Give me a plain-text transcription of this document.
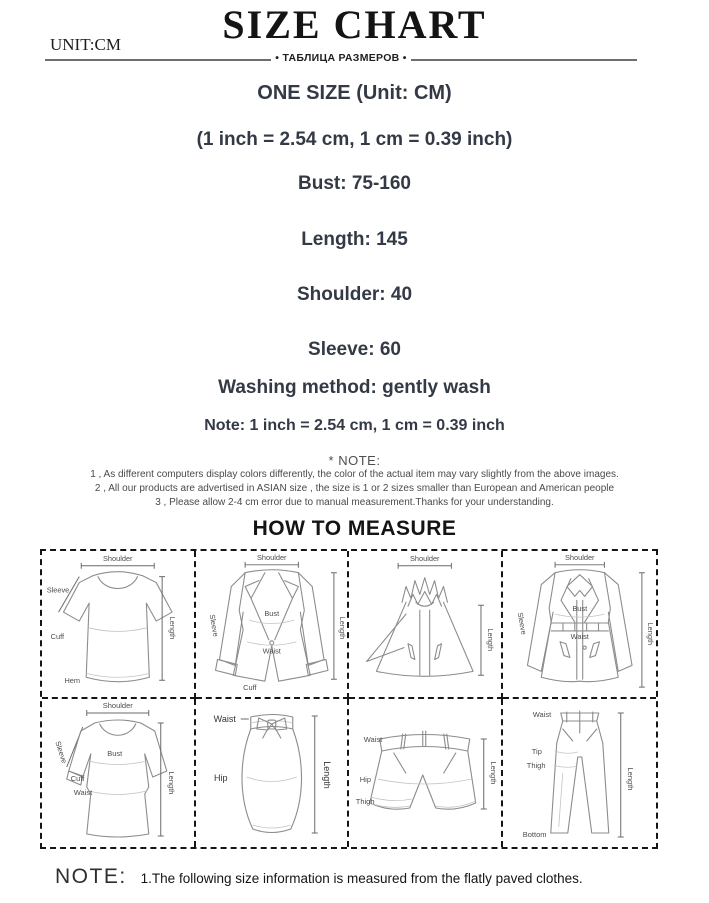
SIZE CHART
UNIT:CM
• ТАБЛИЦА РАЗМЕРОВ •
ONE SIZE (Unit: CM)
(1 inch = 2.54 cm, 1 cm = 0.39 inch)
Bust: 75-160
Length: 145
Shoulder: 40
Sleeve: 60
Washing method: gently wash
Note: 1 inch = 2.54 cm, 1 cm = 0.39 inch
* NOTE:
1 , As different computers display colors differently, the color of the actual item may vary slightly from the above images.
2 , All our products are advertised in ASIAN size , the size is 1 or 2 sizes smaller than European and American people
3 , Please allow 2-4 cm error due to manual measurement.Thanks for your understanding.
HOW TO MEASURE
Shoulder
Length
Sleeve
Cuff
Hem
Shoulder
Length
Sleeve
Bust
Waist
Cuff
Shoulder
Length
Shoulder
Length
Sleeve
Bust
Waist
Shoulder
Length
Sleeve	Bust
Cuff
Waist
Waist
Hip	Length
Waist
Hip
Thigh
Length
Waist
Tip
Thigh
Bottom
Length
NOTE: 1.The following size information is measured from the flatly paved clothes.
